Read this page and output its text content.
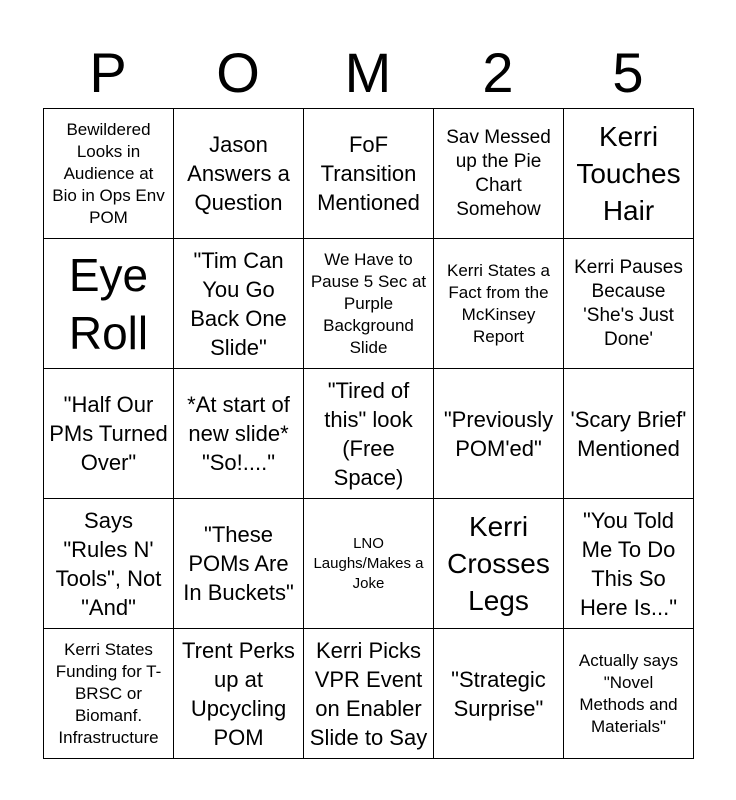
P	O	M	2	5
Bewildered Looks in Audience at Bio in Ops Env POM	Jason Answers a Question	FoF Transition Mentioned	Sav Messed up the Pie Chart Somehow	Kerri Touches Hair
Eye Roll	"Tim Can You Go Back One Slide"	We Have to Pause 5 Sec at Purple Background Slide	Kerri States a Fact from the McKinsey Report	Kerri Pauses Because 'She's Just Done'
"Half Our PMs Turned Over"	*At start of new slide* "So!...."	"Tired of this" look (Free Space)	"Previously POM'ed"	'Scary Brief' Mentioned
Says "Rules N' Tools", Not "And"	"These POMs Are In Buckets"	LNO Laughs/Makes a Joke	Kerri Crosses Legs	"You Told Me To Do This So Here Is..."
Kerri States Funding for T-BRSC or Biomanf. Infrastructure	Trent Perks up at Upcycling POM	Kerri Picks VPR Event on Enabler Slide to Say	"Strategic Surprise"	Actually says "Novel Methods and Materials"
